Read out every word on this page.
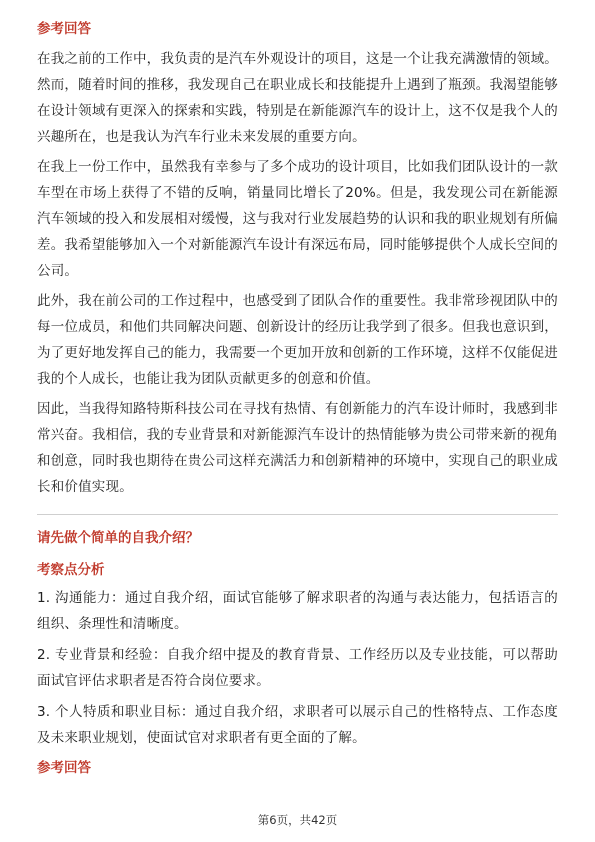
参考回答

在我之前的工作中，我负责的是汽车外观设计的项目，这是一个让我充满激情的领域。然而，随着时间的推移，我发现自己在职业成长和技能提升上遇到了瓶颈。我渴望能够在设计领域有更深入的探索和实践，特别是在新能源汽车的设计上，这不仅是我个人的兴趣所在，也是我认为汽车行业未来发展的重要方向。

在我上一份工作中，虽然我有幸参与了多个成功的设计项目，比如我们团队设计的一款车型在市场上获得了不错的反响，销量同比增长了20%。但是，我发现公司在新能源汽车领域的投入和发展相对缓慢，这与我对行业发展趋势的认识和我的职业规划有所偏差。我希望能够加入一个对新能源汽车设计有深远布局，同时能够提供个人成长空间的公司。

此外，我在前公司的工作过程中，也感受到了团队合作的重要性。我非常珍视团队中的每一位成员，和他们共同解决问题、创新设计的经历让我学到了很多。但我也意识到，为了更好地发挥自己的能力，我需要一个更加开放和创新的工作环境，这样不仅能促进我的个人成长，也能让我为团队贡献更多的创意和价值。

因此，当我得知路特斯科技公司在寻找有热情、有创新能力的汽车设计师时，我感到非常兴奋。我相信，我的专业背景和对新能源汽车设计的热情能够为贵公司带来新的视角和创意，同时我也期待在贵公司这样充满活力和创新精神的环境中，实现自己的职业成长和价值实现。

请先做个简单的自我介绍？
考察点分析

1. 沟通能力：通过自我介绍，面试官能够了解求职者的沟通与表达能力，包括语言的组织、条理性和清晰度。

2. 专业背景和经验：自我介绍中提及的教育背景、工作经历以及专业技能，可以帮助面试官评估求职者是否符合岗位要求。

3. 个人特质和职业目标：通过自我介绍，求职者可以展示自己的性格特点、工作态度及未来职业规划，使面试官对求职者有更全面的了解。

参考回答
第6页，共42页
